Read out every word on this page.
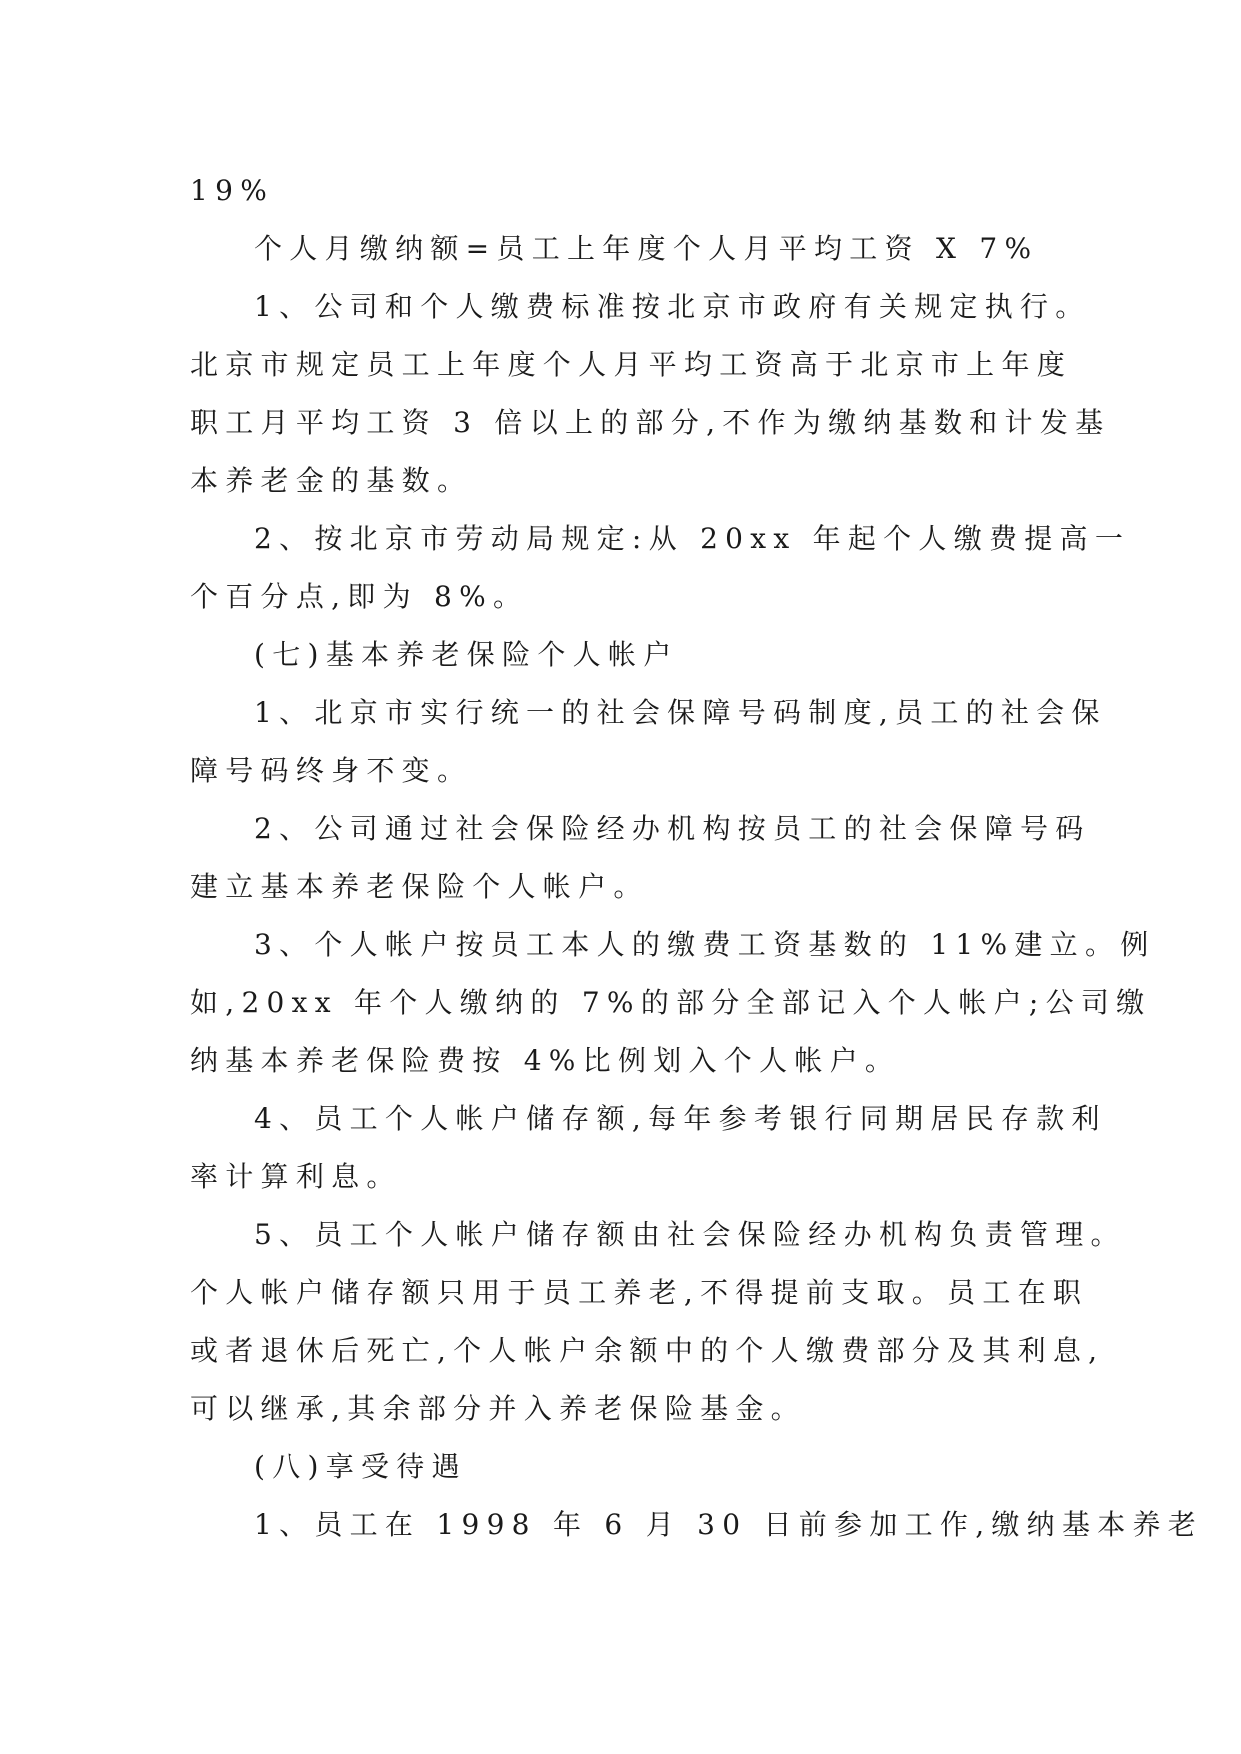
19%
个人月缴纳额=员工上年度个人月平均工资 X 7%
1、公司和个人缴费标准按北京市政府有关规定执行。
北京市规定员工上年度个人月平均工资高于北京市上年度
职工月平均工资 3 倍以上的部分,不作为缴纳基数和计发基
本养老金的基数。
2、按北京市劳动局规定:从 20xx 年起个人缴费提高一
个百分点,即为 8%。
(七)基本养老保险个人帐户
1、北京市实行统一的社会保障号码制度,员工的社会保
障号码终身不变。
2、公司通过社会保险经办机构按员工的社会保障号码
建立基本养老保险个人帐户。
3、个人帐户按员工本人的缴费工资基数的 11%建立。例
如,20xx 年个人缴纳的 7%的部分全部记入个人帐户;公司缴
纳基本养老保险费按 4%比例划入个人帐户。
4、员工个人帐户储存额,每年参考银行同期居民存款利
率计算利息。
5、员工个人帐户储存额由社会保险经办机构负责管理。
个人帐户储存额只用于员工养老,不得提前支取。员工在职
或者退休后死亡,个人帐户余额中的个人缴费部分及其利息,
可以继承,其余部分并入养老保险基金。
(八)享受待遇
1、员工在 1998 年 6 月 30 日前参加工作,缴纳基本养老
